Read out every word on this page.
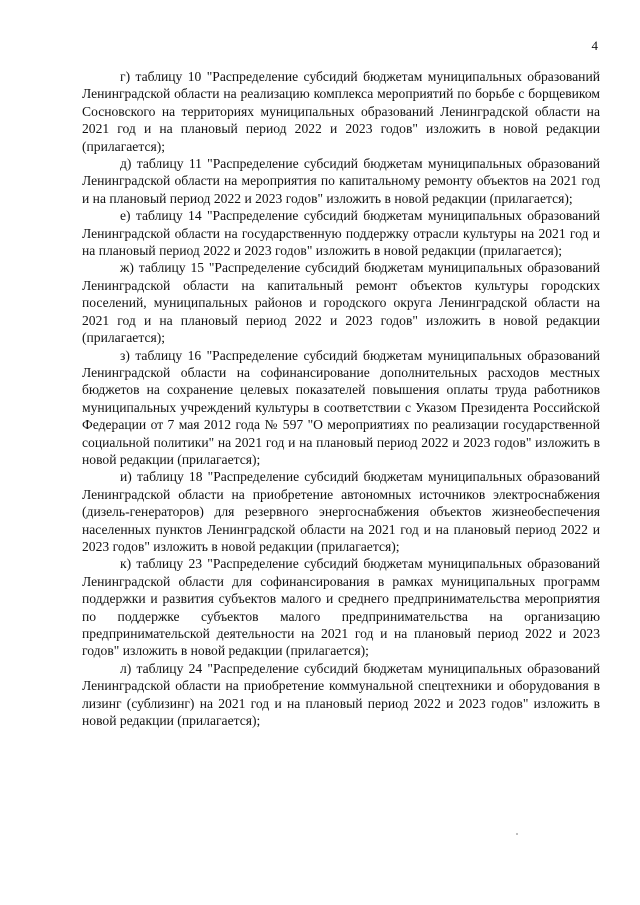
4

г) таблицу 10 "Распределение субсидий бюджетам муниципальных образований Ленинградской области на реализацию комплекса мероприятий по борьбе с борщевиком Сосновского на территориях муниципальных образований Ленинградской области на 2021 год и на плановый период 2022 и 2023 годов" изложить в новой редакции (прилагается);

д) таблицу 11 "Распределение субсидий бюджетам муниципальных образований Ленинградской области на мероприятия по капитальному ремонту объектов на 2021 год и на плановый период 2022 и 2023 годов" изложить в новой редакции (прилагается);

е) таблицу 14 "Распределение субсидий бюджетам муниципальных образований Ленинградской области на государственную поддержку отрасли культуры на 2021 год и на плановый период 2022 и 2023 годов" изложить в новой редакции (прилагается);

ж) таблицу 15 "Распределение субсидий бюджетам муниципальных образований Ленинградской области на капитальный ремонт объектов культуры городских поселений, муниципальных районов и городского округа Ленинградской области на 2021 год и на плановый период 2022 и 2023 годов" изложить в новой редакции (прилагается);

з) таблицу 16 "Распределение субсидий бюджетам муниципальных образований Ленинградской области на софинансирование дополнительных расходов местных бюджетов на сохранение целевых показателей повышения оплаты труда работников муниципальных учреждений культуры в соответствии с Указом Президента Российской Федерации от 7 мая 2012 года № 597 "О мероприятиях по реализации государственной социальной политики" на 2021 год и на плановый период 2022 и 2023 годов" изложить в новой редакции (прилагается);

и) таблицу 18 "Распределение субсидий бюджетам муниципальных образований Ленинградской области на приобретение автономных источников электроснабжения (дизель-генераторов) для резервного энергоснабжения объектов жизнеобеспечения населенных пунктов Ленинградской области на 2021 год и на плановый период 2022 и 2023 годов" изложить в новой редакции (прилагается);

к) таблицу 23 "Распределение субсидий бюджетам муниципальных образований Ленинградской области для софинансирования в рамках муниципальных программ поддержки и развития субъектов малого и среднего предпринимательства мероприятия по поддержке субъектов малого предпринимательства на организацию предпринимательской деятельности на 2021 год и на плановый период 2022 и 2023 годов" изложить в новой редакции (прилагается);

л) таблицу 24 "Распределение субсидий бюджетам муниципальных образований Ленинградской области на приобретение коммунальной спецтехники и оборудования в лизинг (сублизинг) на 2021 год и на плановый период 2022 и 2023 годов" изложить в новой редакции (прилагается);
